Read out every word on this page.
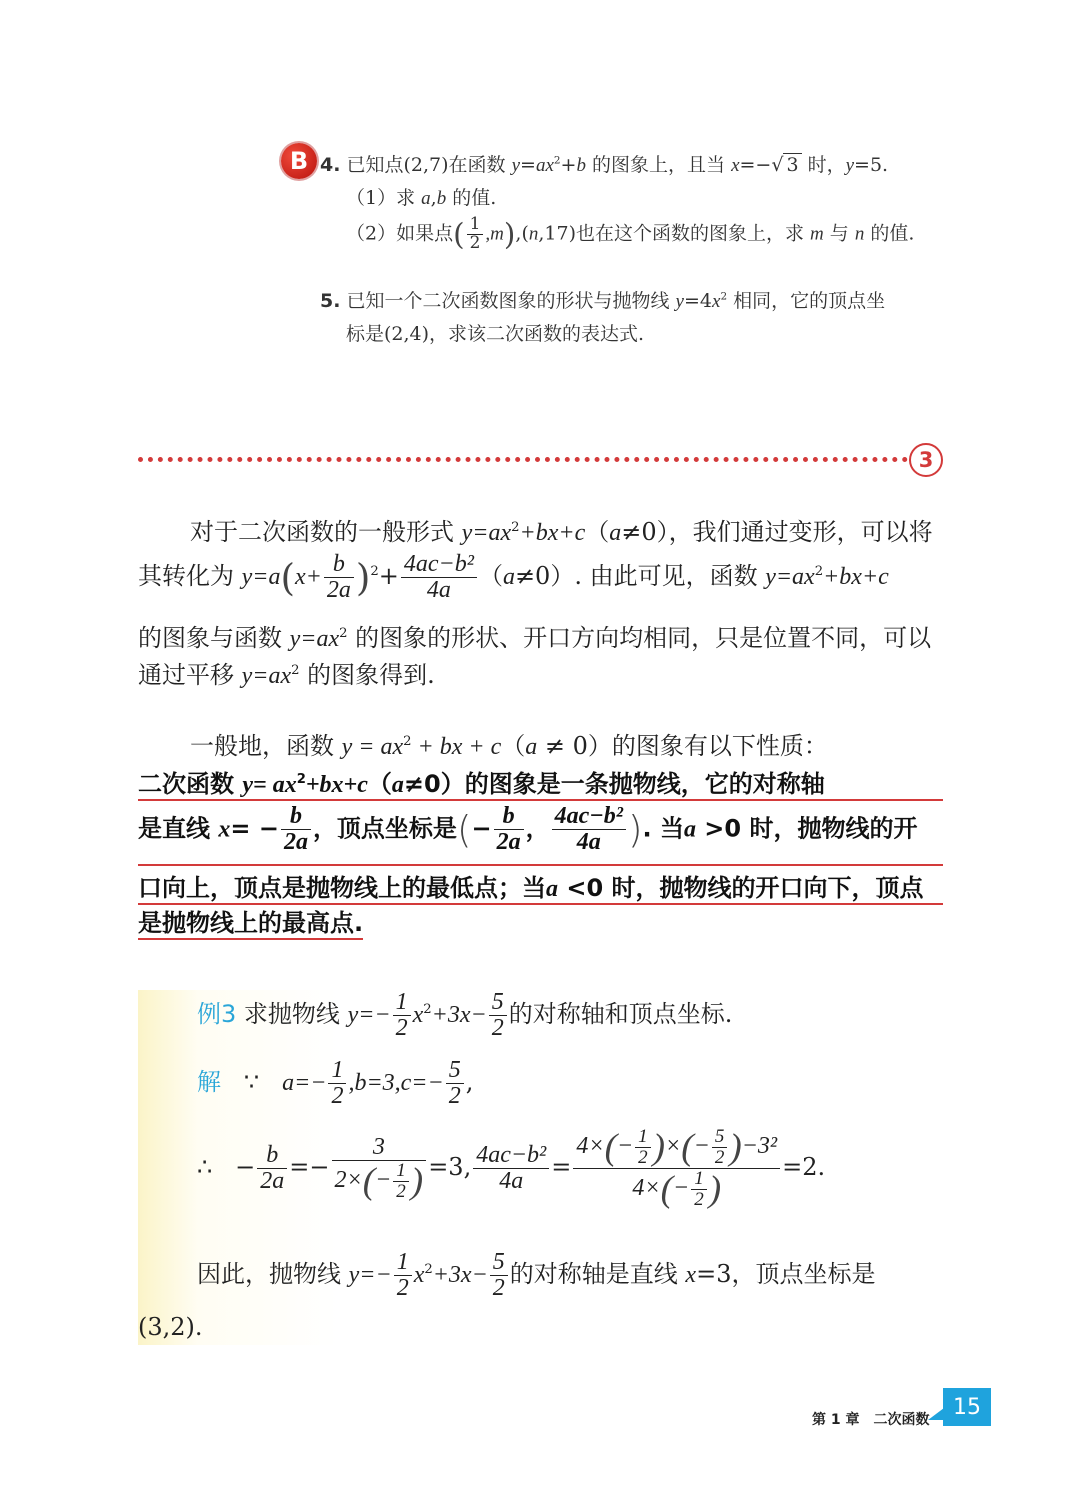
B 4. 已知点(2,7)在函数 $y=ax^2+b$ 的图象上，且当 x=−√ 3 时，y=5.
（1）求 a,b 的值.
（2）如果点( $\frac{1}{2} ,m),(n,17)$也在这个函数的图象上，求 m 与 n 的值.
5. 已知一个二次函数图象的形状与抛物线 $y=4x^2$ 相同，它的顶点坐
标是(2,4)，求该二次函数的表达式.
3
对于二次函数的一般形式 $y=ax^2+bx+c(a\ne 0)$，我们通过变形，可以将
其转化为 $y=a(x+ \frac{b}{2a} )^2+ \frac{\text{4ac−b²}}{4a} (a\ne 0)$. 由此可见，函数 $y=ax^2+bx+c$
的图象与函数 $y=ax^2$ 的图象的形状、开口方向均相同，只是位置不同，可以
通过平移 $y=ax^2$ 的图象得到.
一般地，函数 $y = ax^2$ + bx + c（a ≠ 0）的图象有以下性质：
二次函数 $y= ax^2+bx+c(a\ne 0)$的图象是一条抛物线，它的对称轴
是直线 $x= - \frac{b}{2a}$ ，顶点坐标是(− $\frac{b}{2a}$ ， $\frac{\text{4ac−b²}}{4a}$ ). 当a >0 时，抛物线的开
口向上，顶点是抛物线上的最低点；当a <0 时，抛物线的开口向下，顶点
是抛物线上的最高点.
例3 求抛物线 $y=- \frac{1}{2} x^2+3x- \frac{5}{2}$ 的对称轴和顶点坐标.
解 ∵ $a=- \frac{1}{2} ,b=3,c=- \frac{5}{2}$ ,
∴ − $\frac{b}{2a} =- \frac{3}{2\times(- \frac{1}{2} )} =3$, $\frac{\text{4ac−b²}}{4a} = \frac{4\times(- \frac{1}{2} )\times(- \frac{5}{2} )-3^2}{4\times(- \frac{1}{2} )} =2$.
因此，抛物线 $y=- \frac{1}{2} x^2+3x- \frac{5}{2}$ 的对称轴是直线 x=3，顶点坐标是
(3,2).
第 1 章　二次函数
15
